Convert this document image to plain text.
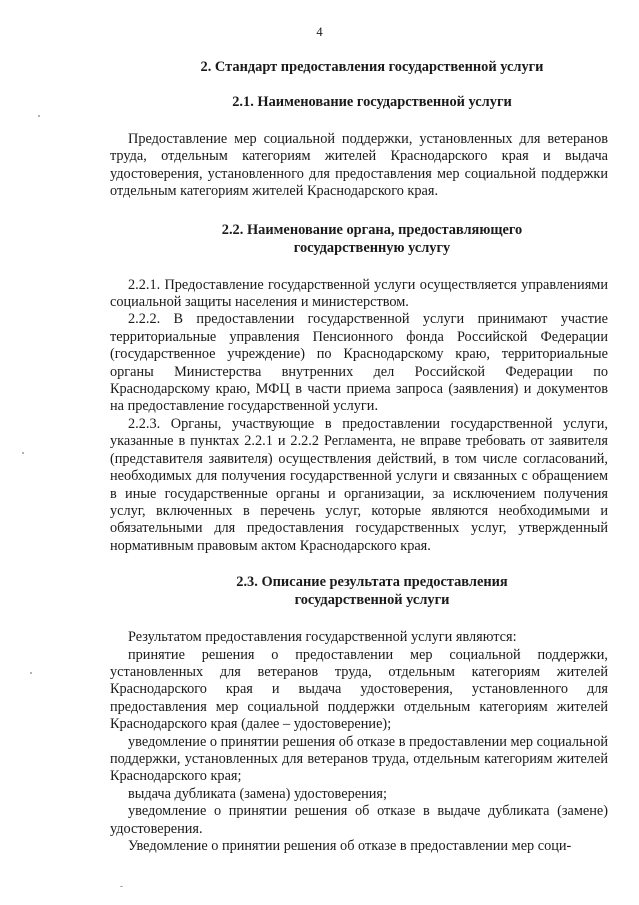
4
2. Стандарт предоставления государственной услуги
2.1. Наименование государственной услуги

Предоставление мер социальной поддержки, установленных для ветеранов труда, отдельным категориям жителей Краснодарского края и выдача удостоверения, установленного для предоставления мер социальной поддержки отдельным категориям жителей Краснодарского края.

2.2. Наименование органа, предоставляющего
государственную услугу

2.2.1. Предоставление государственной услуги осуществляется управлениями социальной защиты населения и министерством.

2.2.2. В предоставлении государственной услуги принимают участие территориальные управления Пенсионного фонда Российской Федерации (государственное учреждение) по Краснодарскому краю, территориальные органы Министерства внутренних дел Российской Федерации по Краснодарскому краю, МФЦ в части приема запроса (заявления) и документов на предоставление государственной услуги.

2.2.3. Органы, участвующие в предоставлении государственной услуги, указанные в пунктах 2.2.1 и 2.2.2 Регламента, не вправе требовать от заявителя (представителя заявителя) осуществления действий, в том числе согласований, необходимых для получения государственной услуги и связанных с обращением в иные государственные органы и организации, за исключением получения услуг, включенных в перечень услуг, которые являются необходимыми и обязательными для предоставления государственных услуг, утвержденный нормативным правовым актом Краснодарского края.

2.3. Описание результата предоставления
государственной услуги

Результатом предоставления государственной услуги являются:

принятие решения о предоставлении мер социальной поддержки, установленных для ветеранов труда, отдельным категориям жителей Краснодарского края и выдача удостоверения, установленного для предоставления мер социальной поддержки отдельным категориям жителей Краснодарского края (далее – удостоверение);

уведомление о принятии решения об отказе в предоставлении мер социальной поддержки, установленных для ветеранов труда, отдельным категориям жителей Краснодарского края;

выдача дубликата (замена) удостоверения;

уведомление о принятии решения об отказе в выдаче дубликата (замене) удостоверения.

Уведомление о принятии решения об отказе в предоставлении мер соци-
